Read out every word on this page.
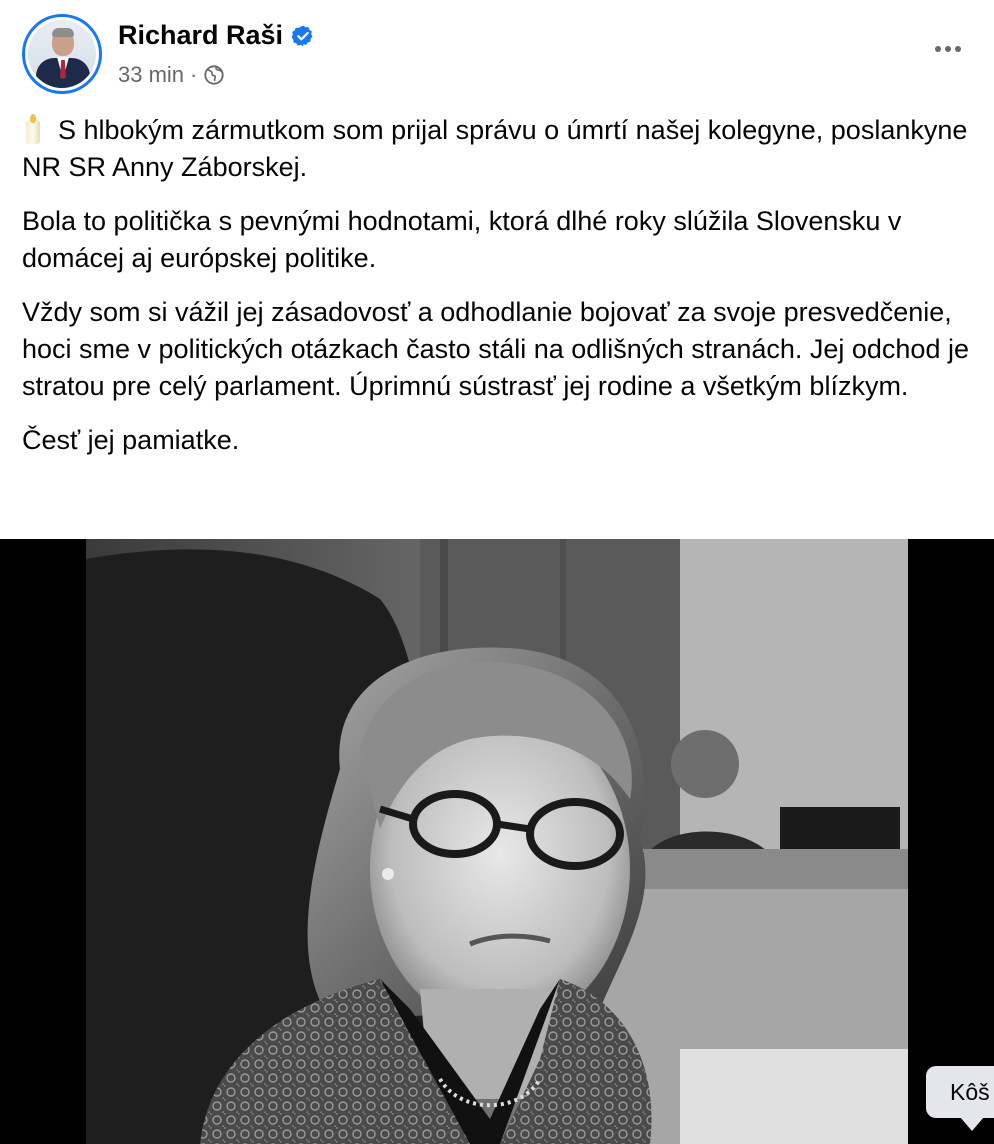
Richard Raši
33 min ·

S hlbokým zármutkom som prijal správu o úmrtí našej kolegyne, poslankyne NR SR Anny Záborskej.

Bola to politička s pevnými hodnotami, ktorá dlhé roky slúžila Slovensku v domácej aj európskej politike.

Vždy som si vážil jej zásadovosť a odhodlanie bojovať za svoje presvedčenie, hoci sme v politických otázkach často stáli na odlišných stranách. Jej odchod je stratou pre celý parlament. Úprimnú sústrasť jej rodine a všetkým blízkym.

Česť jej pamiatke.

Kôš
